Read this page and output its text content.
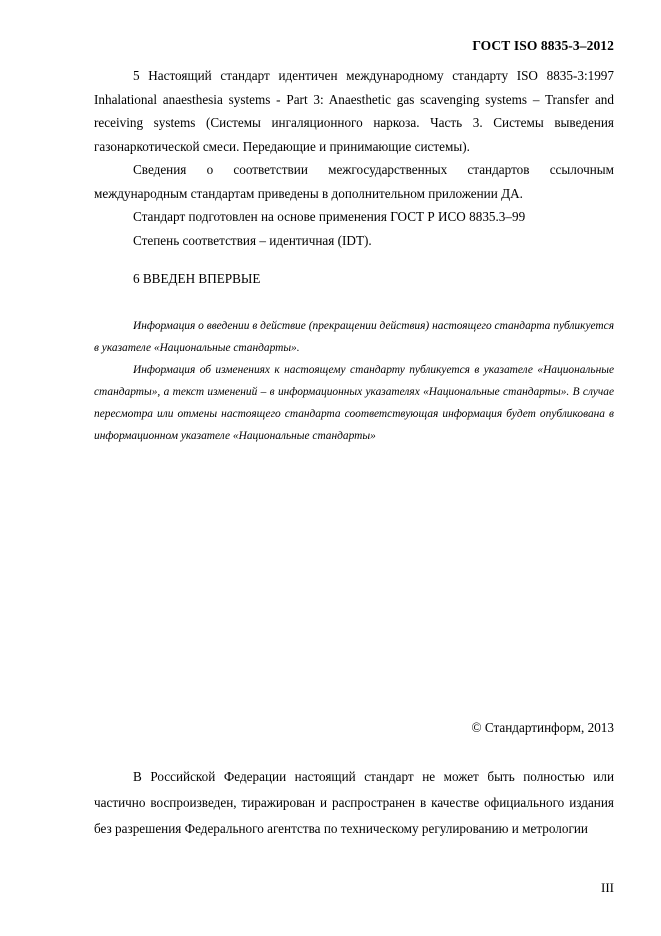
ГОСТ ISO 8835-3–2012

5 Настоящий стандарт идентичен международному стандарту ISO 8835-3:1997 Inhalational anaesthesia systems - Part 3: Anaesthetic gas scavenging systems – Transfer and receiving systems (Системы ингаляционного наркоза. Часть 3. Системы выведения газонаркотической смеси. Передающие и принимающие системы).

Сведения о соответствии межгосударственных стандартов ссылочным международным стандартам приведены в дополнительном приложении ДА.

Стандарт подготовлен на основе применения ГОСТ Р ИСО 8835.3–99

Степень соответствия – идентичная (IDT).

6 ВВЕДЕН ВПЕРВЫЕ

Информация о введении в действие (прекращении действия) настоящего стандарта публикуется в указателе «Национальные стандарты».

Информация об изменениях к настоящему стандарту публикуется в указателе «Национальные стандарты», а текст изменений – в информационных указателях «Национальные стандарты». В случае пересмотра или отмены настоящего стандарта соответствующая информация будет опубликована в информационном указателе «Национальные стандарты»

© Стандартинформ, 2013

В Российской Федерации настоящий стандарт не может быть полностью или частично воспроизведен, тиражирован и распространен в качестве официального издания без разрешения Федерального агентства по техническому регулированию и метрологии

III
